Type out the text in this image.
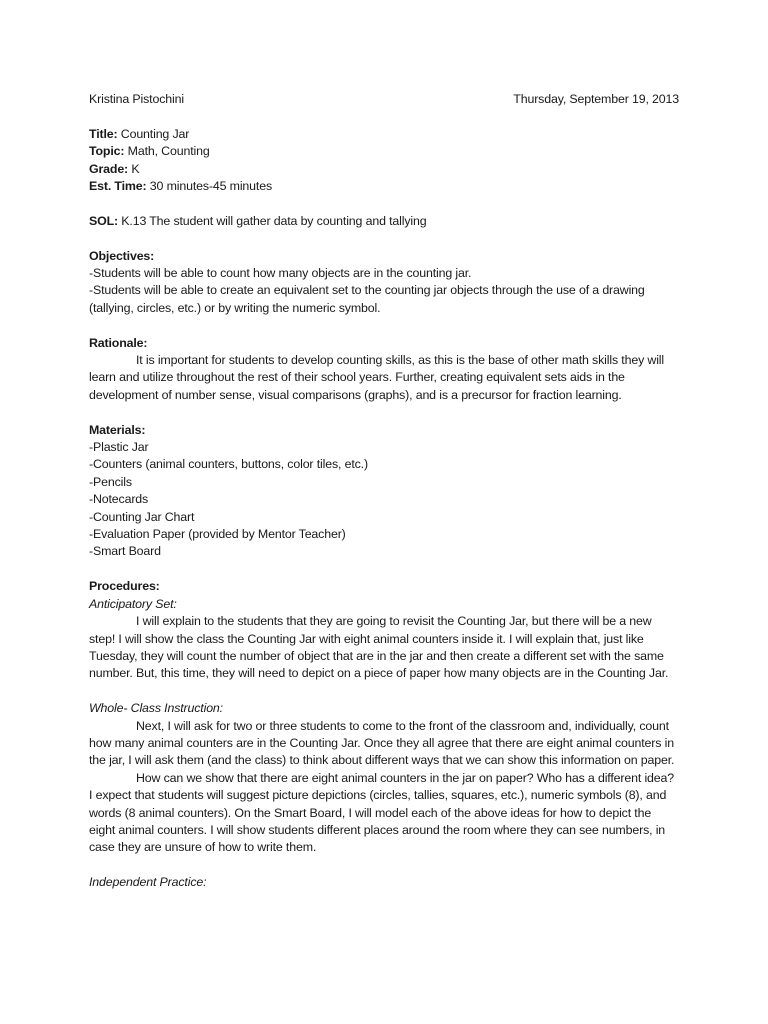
Kristina Pistochini	Thursday, September 19, 2013
Title: Counting Jar
Topic: Math, Counting
Grade: K
Est. Time: 30 minutes-45 minutes
SOL: K.13 The student will gather data by counting and tallying
Objectives:

-Students will be able to count how many objects are in the counting jar.

-Students will be able to create an equivalent set to the counting jar objects through the use of a drawing (tallying, circles, etc.) or by writing the numeric symbol.

Rationale:

It is important for students to develop counting skills, as this is the base of other math skills they will learn and utilize throughout the rest of their school years. Further, creating equivalent sets aids in the development of number sense, visual comparisons (graphs), and is a precursor for fraction learning.

Materials:
-Plastic Jar
-Counters (animal counters, buttons, color tiles, etc.)
-Pencils
-Notecards
-Counting Jar Chart
-Evaluation Paper (provided by Mentor Teacher)
-Smart Board
Procedures:
Anticipatory Set:

I will explain to the students that they are going to revisit the Counting Jar, but there will be a new step! I will show the class the Counting Jar with eight animal counters inside it. I will explain that, just like Tuesday, they will count the number of object that are in the jar and then create a different set with the same number. But, this time, they will need to depict on a piece of paper how many objects are in the Counting Jar.

Whole- Class Instruction:

Next, I will ask for two or three students to come to the front of the classroom and, individually, count how many animal counters are in the Counting Jar. Once they all agree that there are eight animal counters in the jar, I will ask them (and the class) to think about different ways that we can show this information on paper.

How can we show that there are eight animal counters in the jar on paper? Who has a different idea? I expect that students will suggest picture depictions (circles, tallies, squares, etc.), numeric symbols (8), and words (8 animal counters). On the Smart Board, I will model each of the above ideas for how to depict the eight animal counters. I will show students different places around the room where they can see numbers, in case they are unsure of how to write them.

Independent Practice:
